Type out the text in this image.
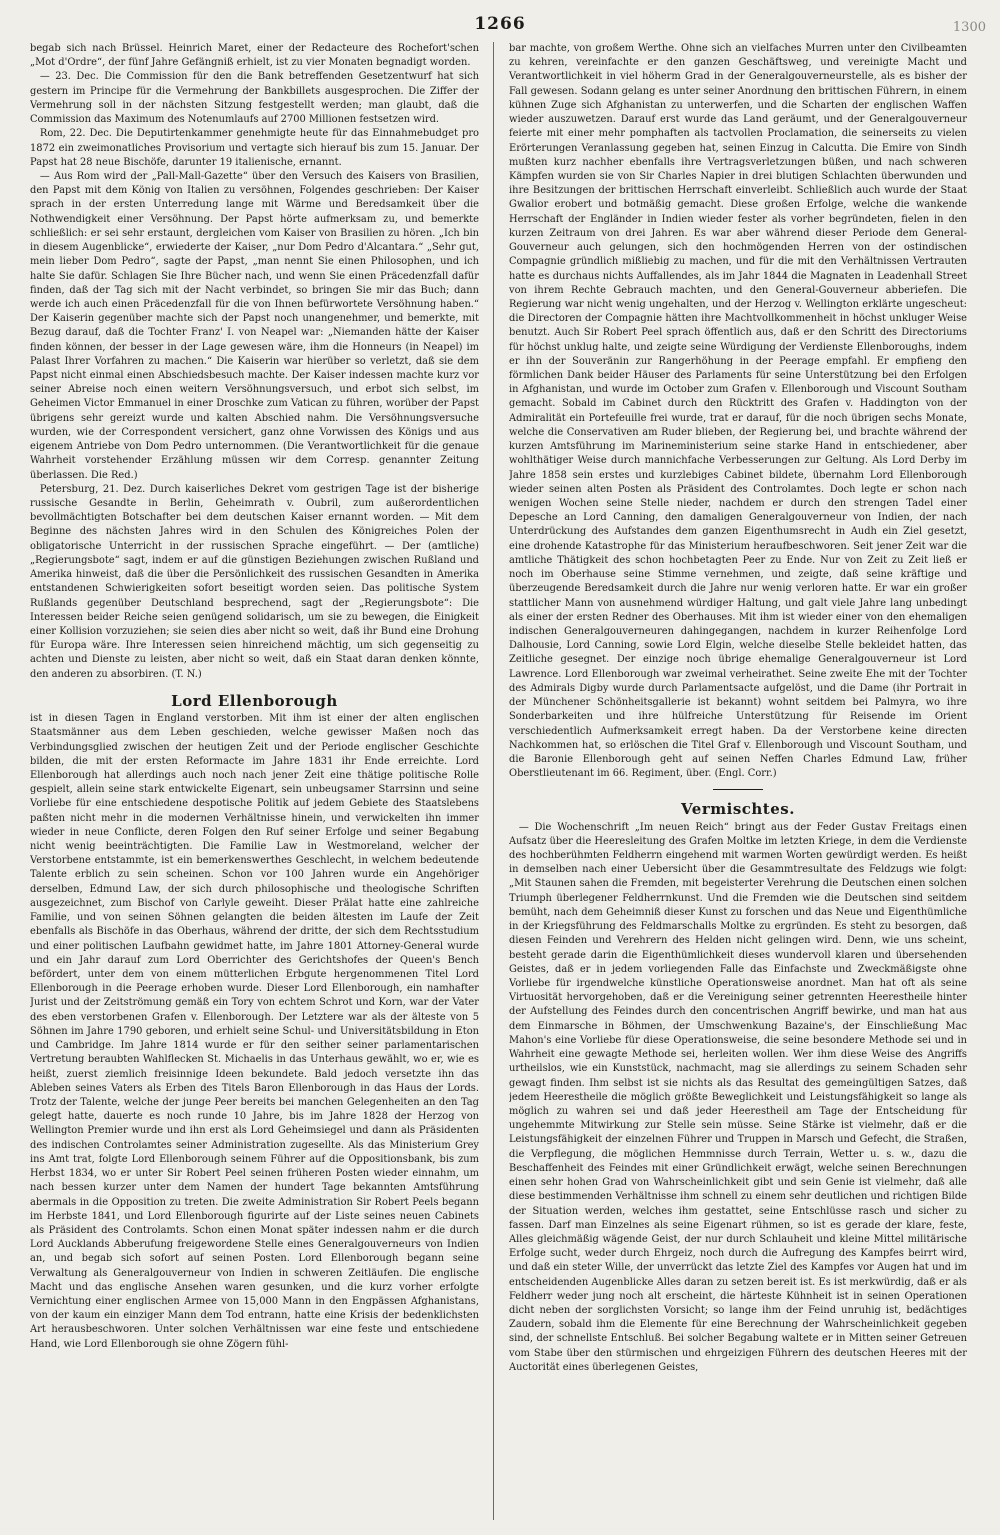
1266	1300

begab sich nach Brüssel. Heinrich Maret, einer der Redacteure des Rochefort'schen „Mot d'Ordre“, der fünf Jahre Gefängniß erhielt, ist zu vier Monaten begnadigt worden.

— 23. Dec. Die Commission für den die Bank betreffenden Gesetzentwurf hat sich gestern im Principe für die Vermehrung der Bankbillets ausgesprochen. Die Ziffer der Vermehrung soll in der nächsten Sitzung festgestellt werden; man glaubt, daß die Commission das Maximum des Notenumlaufs auf 2700 Millionen festsetzen wird.

Rom, 22. Dec. Die Deputirtenkammer genehmigte heute für das Einnahmebudget pro 1872 ein zweimonatliches Provisorium und vertagte sich hierauf bis zum 15. Januar. Der Papst hat 28 neue Bischöfe, darunter 19 italienische, ernannt.

— Aus Rom wird der „Pall-Mall-Gazette“ über den Versuch des Kaisers von Brasilien, den Papst mit dem König von Italien zu versöhnen, Folgendes geschrieben: Der Kaiser sprach in der ersten Unterredung lange mit Wärme und Beredsamkeit über die Nothwendigkeit einer Versöhnung. Der Papst hörte aufmerksam zu, und bemerkte schließlich: er sei sehr erstaunt, dergleichen vom Kaiser von Brasilien zu hören. „Ich bin in diesem Augenblicke“, erwiederte der Kaiser, „nur Dom Pedro d'Alcantara.“ „Sehr gut, mein lieber Dom Pedro“, sagte der Papst, „man nennt Sie einen Philosophen, und ich halte Sie dafür. Schlagen Sie Ihre Bücher nach, und wenn Sie einen Präcedenzfall dafür finden, daß der Tag sich mit der Nacht verbindet, so bringen Sie mir das Buch; dann werde ich auch einen Präcedenzfall für die von Ihnen befürwortete Versöhnung haben.“ Der Kaiserin gegenüber machte sich der Papst noch unangenehmer, und bemerkte, mit Bezug darauf, daß die Tochter Franz' I. von Neapel war: „Niemanden hätte der Kaiser finden können, der besser in der Lage gewesen wäre, ihm die Honneurs (in Neapel) im Palast Ihrer Vorfahren zu machen.“ Die Kaiserin war hierüber so verletzt, daß sie dem Papst nicht einmal einen Abschiedsbesuch machte. Der Kaiser indessen machte kurz vor seiner Abreise noch einen weitern Versöhnungsversuch, und erbot sich selbst, im Geheimen Victor Emmanuel in einer Droschke zum Vatican zu führen, worüber der Papst übrigens sehr gereizt wurde und kalten Abschied nahm. Die Versöhnungsversuche wurden, wie der Correspondent versichert, ganz ohne Vorwissen des Königs und aus eigenem Antriebe von Dom Pedro unternommen. (Die Verantwortlichkeit für die genaue Wahrheit vorstehender Erzählung müssen wir dem Corresp. genannter Zeitung überlassen. Die Red.)

Petersburg, 21. Dez. Durch kaiserliches Dekret vom gestrigen Tage ist der bisherige russische Gesandte in Berlin, Geheimrath v. Oubril, zum außerordentlichen bevollmächtigten Botschafter bei dem deutschen Kaiser ernannt worden. — Mit dem Beginne des nächsten Jahres wird in den Schulen des Königreiches Polen der obligatorische Unterricht in der russischen Sprache eingeführt. — Der (amtliche) „Regierungsbote“ sagt, indem er auf die günstigen Beziehungen zwischen Rußland und Amerika hinweist, daß die über die Persönlichkeit des russischen Gesandten in Amerika entstandenen Schwierigkeiten sofort beseitigt worden seien. Das politische System Rußlands gegenüber Deutschland besprechend, sagt der „Regierungsbote“: Die Interessen beider Reiche seien genügend solidarisch, um sie zu bewegen, die Einigkeit einer Kollision vorzuziehen; sie seien dies aber nicht so weit, daß ihr Bund eine Drohung für Europa wäre. Ihre Interessen seien hinreichend mächtig, um sich gegenseitig zu achten und Dienste zu leisten, aber nicht so weit, daß ein Staat daran denken könnte, den anderen zu absorbiren. (T. N.)

Lord Ellenborough

ist in diesen Tagen in England verstorben. Mit ihm ist einer der alten englischen Staatsmänner aus dem Leben geschieden, welche gewisser Maßen noch das Verbindungsglied zwischen der heutigen Zeit und der Periode englischer Geschichte bilden, die mit der ersten Reformacte im Jahre 1831 ihr Ende erreichte. Lord Ellenborough hat allerdings auch noch nach jener Zeit eine thätige politische Rolle gespielt, allein seine stark entwickelte Eigenart, sein unbeugsamer Starrsinn und seine Vorliebe für eine entschiedene despotische Politik auf jedem Gebiete des Staatslebens paßten nicht mehr in die modernen Verhältnisse hinein, und verwickelten ihn immer wieder in neue Conflicte, deren Folgen den Ruf seiner Erfolge und seiner Begabung nicht wenig beeinträchtigten. Die Familie Law in Westmoreland, welcher der Verstorbene entstammte, ist ein bemerkenswerthes Geschlecht, in welchem bedeutende Talente erblich zu sein scheinen. Schon vor 100 Jahren wurde ein Angehöriger derselben, Edmund Law, der sich durch philosophische und theologische Schriften ausgezeichnet, zum Bischof von Carlyle geweiht. Dieser Prälat hatte eine zahlreiche Familie, und von seinen Söhnen gelangten die beiden ältesten im Laufe der Zeit ebenfalls als Bischöfe in das Oberhaus, während der dritte, der sich dem Rechtsstudium und einer politischen Laufbahn gewidmet hatte, im Jahre 1801 Attorney-General wurde und ein Jahr darauf zum Lord Oberrichter des Gerichtshofes der Queen's Bench befördert, unter dem von einem mütterlichen Erbgute hergenommenen Titel Lord Ellenborough in die Peerage erhoben wurde. Dieser Lord Ellenborough, ein namhafter Jurist und der Zeitströmung gemäß ein Tory von echtem Schrot und Korn, war der Vater des eben verstorbenen Grafen v. Ellenborough. Der Letztere war als der älteste von 5 Söhnen im Jahre 1790 geboren, und erhielt seine Schul- und Universitätsbildung in Eton und Cambridge. Im Jahre 1814 wurde er für den seither seiner parlamentarischen Vertretung beraubten Wahlflecken St. Michaelis in das Unterhaus gewählt, wo er, wie es heißt, zuerst ziemlich freisinnige Ideen bekundete. Bald jedoch versetzte ihn das Ableben seines Vaters als Erben des Titels Baron Ellenborough in das Haus der Lords. Trotz der Talente, welche der junge Peer bereits bei manchen Gelegenheiten an den Tag gelegt hatte, dauerte es noch runde 10 Jahre, bis im Jahre 1828 der Herzog von Wellington Premier wurde und ihn erst als Lord Geheimsiegel und dann als Präsidenten des indischen Controlamtes seiner Administration zugesellte. Als das Ministerium Grey ins Amt trat, folgte Lord Ellenborough seinem Führer auf die Oppositionsbank, bis zum Herbst 1834, wo er unter Sir Robert Peel seinen früheren Posten wieder einnahm, um nach bessen kurzer unter dem Namen der hundert Tage bekannten Amtsführung abermals in die Opposition zu treten. Die zweite Administration Sir Robert Peels begann im Herbste 1841, und Lord Ellenborough figurirte auf der Liste seines neuen Cabinets als Präsident des Controlamts. Schon einen Monat später indessen nahm er die durch Lord Aucklands Abberufung freigewordene Stelle eines Generalgouverneurs von Indien an, und begab sich sofort auf seinen Posten. Lord Ellenborough begann seine Verwaltung als Generalgouverneur von Indien in schweren Zeitläufen. Die englische Macht und das englische Ansehen waren gesunken, und die kurz vorher erfolgte Vernichtung einer englischen Armee von 15,000 Mann in den Engpässen Afghanistans, von der kaum ein einziger Mann dem Tod entrann, hatte eine Krisis der bedenklichsten Art herausbeschworen. Unter solchen Verhältnissen war eine feste und entschiedene Hand, wie Lord Ellenborough sie ohne Zögern fühl-

bar machte, von großem Werthe. Ohne sich an vielfaches Murren unter den Civilbeamten zu kehren, vereinfachte er den ganzen Geschäftsweg, und vereinigte Macht und Verantwortlichkeit in viel höherm Grad in der Generalgouverneurstelle, als es bisher der Fall gewesen. Sodann gelang es unter seiner Anordnung den brittischen Führern, in einem kühnen Zuge sich Afghanistan zu unterwerfen, und die Scharten der englischen Waffen wieder auszuwetzen. Darauf erst wurde das Land geräumt, und der Generalgouverneur feierte mit einer mehr pomphaften als tactvollen Proclamation, die seinerseits zu vielen Erörterungen Veranlassung gegeben hat, seinen Einzug in Calcutta. Die Emire von Sindh mußten kurz nachher ebenfalls ihre Vertragsverletzungen büßen, und nach schweren Kämpfen wurden sie von Sir Charles Napier in drei blutigen Schlachten überwunden und ihre Besitzungen der brittischen Herrschaft einverleibt. Schließlich auch wurde der Staat Gwalior erobert und botmäßig gemacht. Diese großen Erfolge, welche die wankende Herrschaft der Engländer in Indien wieder fester als vorher begründeten, fielen in den kurzen Zeitraum von drei Jahren. Es war aber während dieser Periode dem General-Gouverneur auch gelungen, sich den hochmögenden Herren von der ostindischen Compagnie gründlich mißliebig zu machen, und für die mit den Verhältnissen Vertrauten hatte es durchaus nichts Auffallendes, als im Jahr 1844 die Magnaten in Leadenhall Street von ihrem Rechte Gebrauch machten, und den General-Gouverneur abberiefen. Die Regierung war nicht wenig ungehalten, und der Herzog v. Wellington erklärte ungescheut: die Directoren der Compagnie hätten ihre Machtvollkommenheit in höchst unkluger Weise benutzt. Auch Sir Robert Peel sprach öffentlich aus, daß er den Schritt des Directoriums für höchst unklug halte, und zeigte seine Würdigung der Verdienste Ellenboroughs, indem er ihn der Souveränin zur Rangerhöhung in der Peerage empfahl. Er empfieng den förmlichen Dank beider Häuser des Parlaments für seine Unterstützung bei den Erfolgen in Afghanistan, und wurde im October zum Grafen v. Ellenborough und Viscount Southam gemacht. Sobald im Cabinet durch den Rücktritt des Grafen v. Haddington von der Admiralität ein Portefeuille frei wurde, trat er darauf, für die noch übrigen sechs Monate, welche die Conservativen am Ruder blieben, der Regierung bei, und brachte während der kurzen Amtsführung im Marineministerium seine starke Hand in entschiedener, aber wohlthätiger Weise durch mannichfache Verbesserungen zur Geltung. Als Lord Derby im Jahre 1858 sein erstes und kurzlebiges Cabinet bildete, übernahm Lord Ellenborough wieder seinen alten Posten als Präsident des Controlamtes. Doch legte er schon nach wenigen Wochen seine Stelle nieder, nachdem er durch den strengen Tadel einer Depesche an Lord Canning, den damaligen Generalgouverneur von Indien, der nach Unterdrückung des Aufstandes dem ganzen Eigenthumsrecht in Audh ein Ziel gesetzt, eine drohende Katastrophe für das Ministerium heraufbeschworen. Seit jener Zeit war die amtliche Thätigkeit des schon hochbetagten Peer zu Ende. Nur von Zeit zu Zeit ließ er noch im Oberhause seine Stimme vernehmen, und zeigte, daß seine kräftige und überzeugende Beredsamkeit durch die Jahre nur wenig verloren hatte. Er war ein großer stattlicher Mann von ausnehmend würdiger Haltung, und galt viele Jahre lang unbedingt als einer der ersten Redner des Oberhauses. Mit ihm ist wieder einer von den ehemaligen indischen Generalgouverneuren dahingegangen, nachdem in kurzer Reihenfolge Lord Dalhousie, Lord Canning, sowie Lord Elgin, welche dieselbe Stelle bekleidet hatten, das Zeitliche gesegnet. Der einzige noch übrige ehemalige Generalgouverneur ist Lord Lawrence. Lord Ellenborough war zweimal verheirathet. Seine zweite Ehe mit der Tochter des Admirals Digby wurde durch Parlamentsacte aufgelöst, und die Dame (ihr Portrait in der Münchener Schönheitsgallerie ist bekannt) wohnt seitdem bei Palmyra, wo ihre Sonderbarkeiten und ihre hülfreiche Unterstützung für Reisende im Orient verschiedentlich Aufmerksamkeit erregt haben. Da der Verstorbene keine directen Nachkommen hat, so erlöschen die Titel Graf v. Ellenborough und Viscount Southam, und die Baronie Ellenborough geht auf seinen Neffen Charles Edmund Law, früher Oberstlieutenant im 66. Regiment, über. (Engl. Corr.)

Vermischtes.

— Die Wochenschrift „Im neuen Reich“ bringt aus der Feder Gustav Freitags einen Aufsatz über die Heeresleitung des Grafen Moltke im letzten Kriege, in dem die Verdienste des hochberühmten Feldherrn eingehend mit warmen Worten gewürdigt werden. Es heißt in demselben nach einer Uebersicht über die Gesammtresultate des Feldzugs wie folgt: „Mit Staunen sahen die Fremden, mit begeisterter Verehrung die Deutschen einen solchen Triumph überlegener Feldherrnkunst. Und die Fremden wie die Deutschen sind seitdem bemüht, nach dem Geheimniß dieser Kunst zu forschen und das Neue und Eigenthümliche in der Kriegsführung des Feldmarschalls Moltke zu ergründen. Es steht zu besorgen, daß diesen Feinden und Verehrern des Helden nicht gelingen wird. Denn, wie uns scheint, besteht gerade darin die Eigenthümlichkeit dieses wundervoll klaren und übersehenden Geistes, daß er in jedem vorliegenden Falle das Einfachste und Zweckmäßigste ohne Vorliebe für irgendwelche künstliche Operationsweise anordnet. Man hat oft als seine Virtuosität hervorgehoben, daß er die Vereinigung seiner getrennten Heerestheile hinter der Aufstellung des Feindes durch den concentrischen Angriff bewirke, und man hat aus dem Einmarsche in Böhmen, der Umschwenkung Bazaine's, der Einschließung Mac Mahon's eine Vorliebe für diese Operationsweise, die seine besondere Methode sei und in Wahrheit eine gewagte Methode sei, herleiten wollen. Wer ihm diese Weise des Angriffs urtheilslos, wie ein Kunststück, nachmacht, mag sie allerdings zu seinem Schaden sehr gewagt finden. Ihm selbst ist sie nichts als das Resultat des gemeingültigen Satzes, daß jedem Heerestheile die möglich größte Beweglichkeit und Leistungsfähigkeit so lange als möglich zu wahren sei und daß jeder Heerestheil am Tage der Entscheidung für ungehemmte Mitwirkung zur Stelle sein müsse. Seine Stärke ist vielmehr, daß er die Leistungsfähigkeit der einzelnen Führer und Truppen in Marsch und Gefecht, die Straßen, die Verpflegung, die möglichen Hemmnisse durch Terrain, Wetter u. s. w., dazu die Beschaffenheit des Feindes mit einer Gründlichkeit erwägt, welche seinen Berechnungen einen sehr hohen Grad von Wahrscheinlichkeit gibt und sein Genie ist vielmehr, daß alle diese bestimmenden Verhältnisse ihm schnell zu einem sehr deutlichen und richtigen Bilde der Situation werden, welches ihm gestattet, seine Entschlüsse rasch und sicher zu fassen. Darf man Einzelnes als seine Eigenart rühmen, so ist es gerade der klare, feste, Alles gleichmäßig wägende Geist, der nur durch Schlauheit und kleine Mittel militärische Erfolge sucht, weder durch Ehrgeiz, noch durch die Aufregung des Kampfes beirrt wird, und daß ein steter Wille, der unverrückt das letzte Ziel des Kampfes vor Augen hat und im entscheidenden Augenblicke Alles daran zu setzen bereit ist. Es ist merkwürdig, daß er als Feldherr weder jung noch alt erscheint, die härteste Kühnheit ist in seinen Operationen dicht neben der sorglichsten Vorsicht; so lange ihm der Feind unruhig ist, bedächtiges Zaudern, sobald ihm die Elemente für eine Berechnung der Wahrscheinlichkeit gegeben sind, der schnellste Entschluß. Bei solcher Begabung waltete er in Mitten seiner Getreuen vom Stabe über den stürmischen und ehrgeizigen Führern des deutschen Heeres mit der Auctorität eines überlegenen Geistes,
